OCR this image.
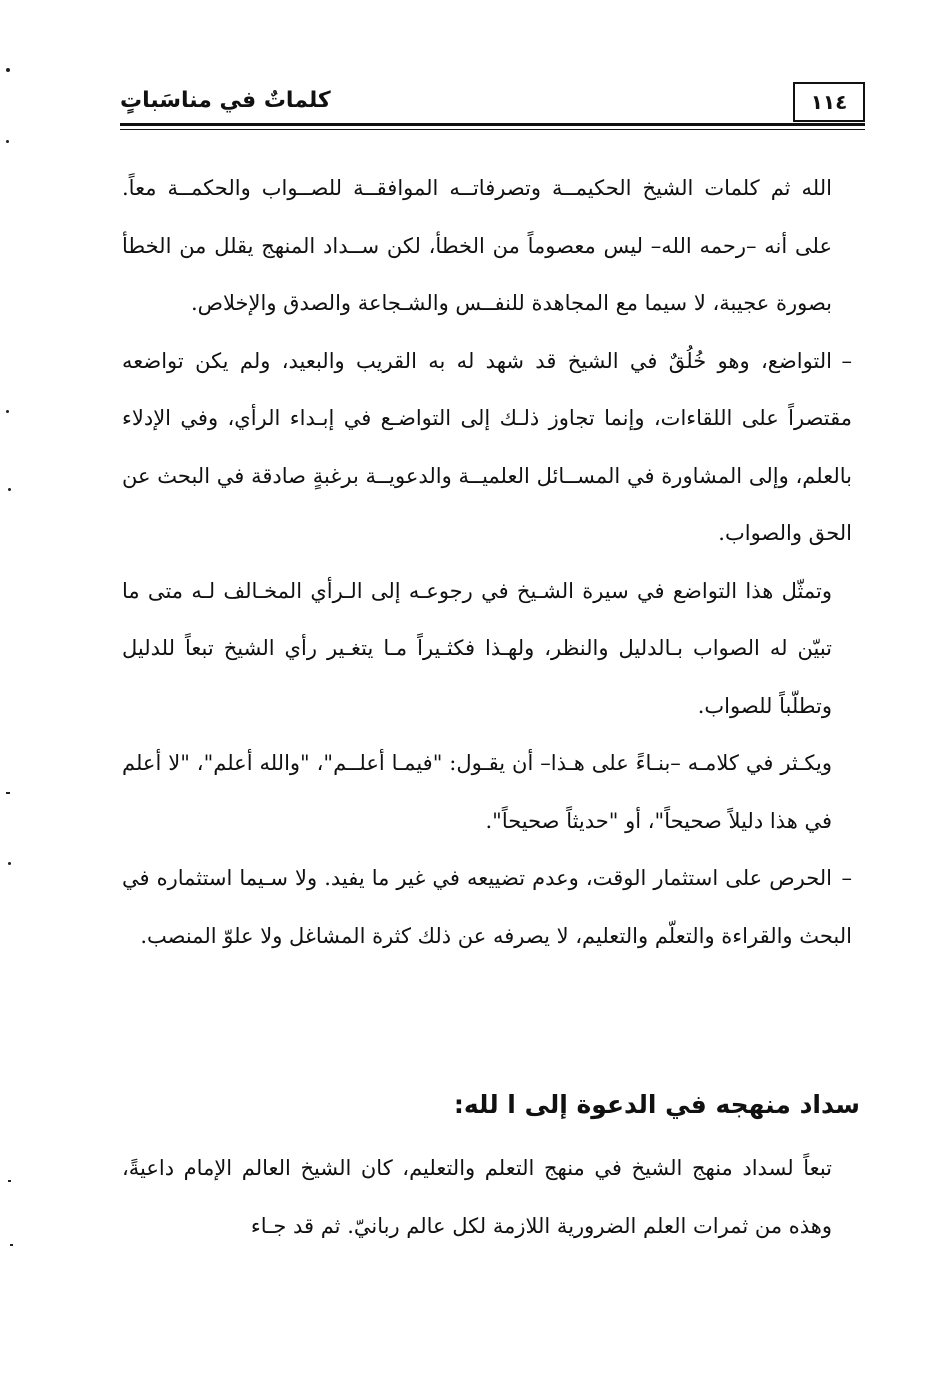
كلماتٌ في مناسَباتٍ	١١٤

الله ثم كلمات الشيخ الحكيمــة وتصرفاتــه الموافقــة للصــواب والحكمــة معاً. على أنه –رحمه الله– ليس معصوماً من الخطأ، لكن ســداد المنهج يقلل من الخطأ بصورة عجيبة، لا سيما مع المجاهدة للنفــس والشـجاعة والصدق والإخلاص.

–التواضع، وهو خُلُقٌ في الشيخ قد شهد له به القريب والبعيد، ولم يكن تواضعه مقتصراً على اللقاءات، وإنما تجاوز ذلـك إلى التواضـع في إبـداء الرأي، وفي الإدلاء بالعلم، وإلى المشاورة في المســائل العلميــة والدعويــة برغبةٍ صادقة في البحث عن الحق والصواب.

وتمثّل هذا التواضع في سيرة الشـيخ في رجوعـه إلى الـرأي المخـالف لـه متى ما تبيّن له الصواب بـالدليل والنظر، ولهـذا فكثـيراً مـا يتغـير رأي الشيخ تبعاً للدليل وتطلّباً للصواب.

ويكـثر في كلامـه –بنـاءً على هـذا– أن يقـول: "فيمـا أعلــم"، "والله أعلم"، "لا أعلم في هذا دليلاً صحيحاً"، أو "حديثاً صحيحاً".

–الحرص على استثمار الوقت، وعدم تضييعه في غير ما يفيد. ولا سـيما استثماره في البحث والقراءة والتعلّم والتعليم، لا يصرفه عن ذلك كثرة المشاغل ولا علوّ المنصب.

سداد منهجه في الدعوة إلى ا لله:

تبعاً لسداد منهج الشيخ في منهج التعلم والتعليم، كان الشيخ العالم الإمام داعيةً، وهذه من ثمرات العلم الضرورية اللازمة لكل عالم ربانيّ. ثم قد جـاء
